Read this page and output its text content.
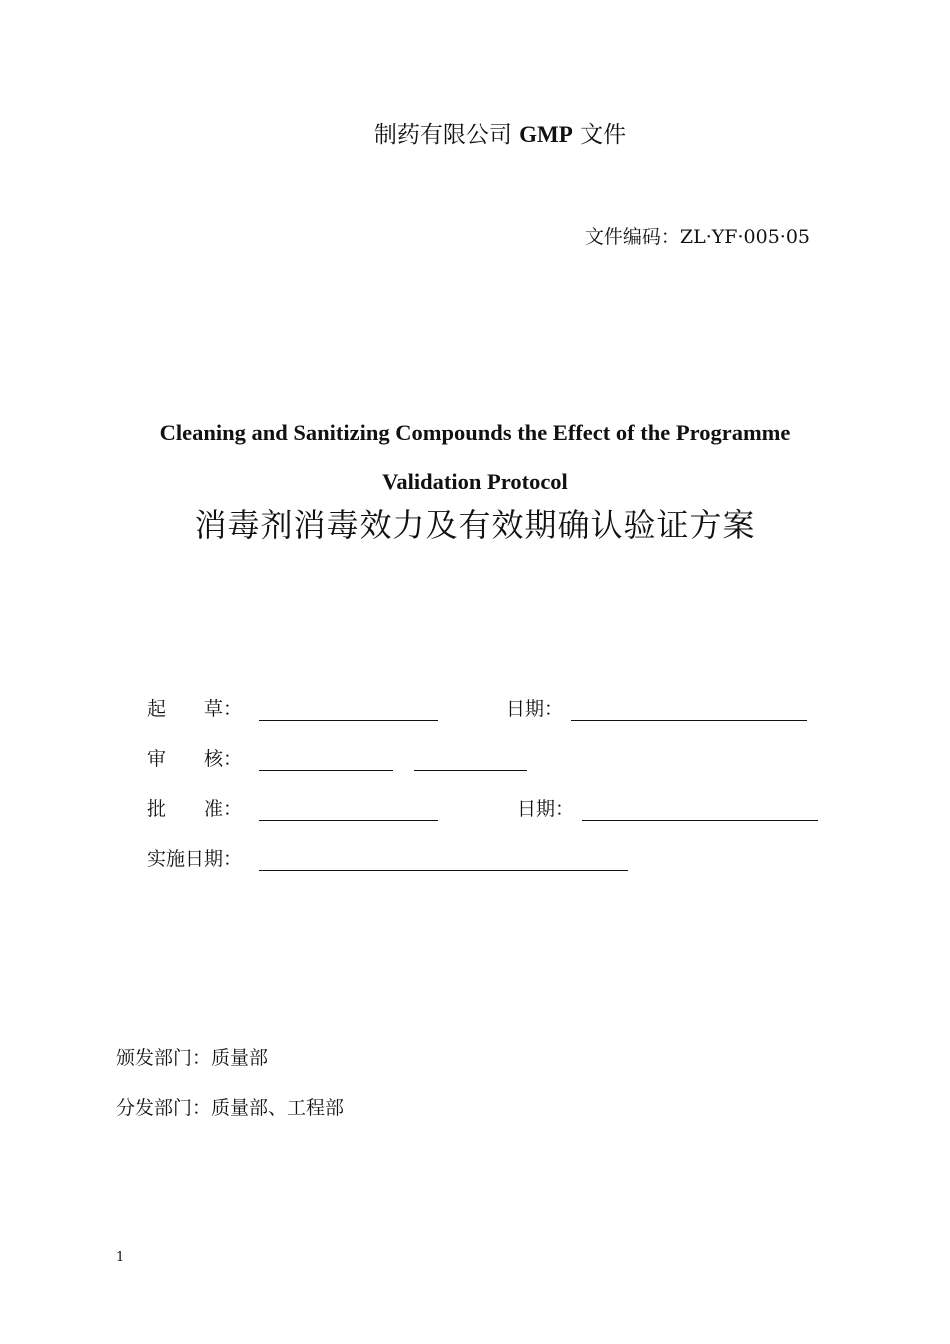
制药有限公司 GMP 文件
文件编码：ZL·YF·005·05
Cleaning and Sanitizing Compounds the Effect of the Programme
Validation Protocol
消毒剂消毒效力及有效期确认验证方案
起　　草：	日期：
审　　核：
批　　准：	日期：
实施日期：
颁发部门：质量部
分发部门：质量部、工程部
1
